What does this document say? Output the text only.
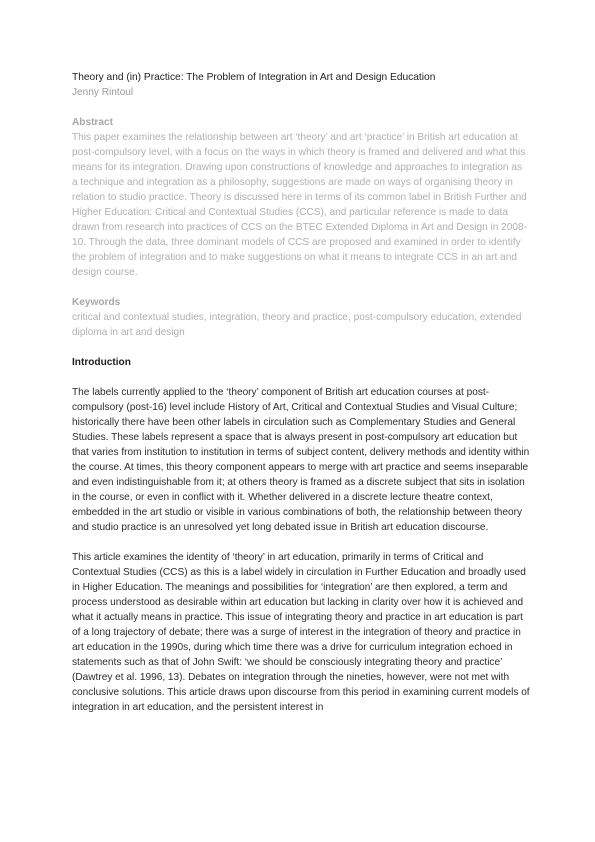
Theory and (in) Practice: The Problem of Integration in Art and Design Education

Jenny Rintoul

Abstract

This paper examines the relationship between art ‘theory’ and art ‘practice’ in British art education at post-compulsory level, with a focus on the ways in which theory is framed and delivered and what this means for its integration. Drawing upon constructions of knowledge and approaches to integration as a technique and integration as a philosophy, suggestions are made on ways of organising theory in relation to studio practice. Theory is discussed here in terms of its common label in British Further and Higher Education: Critical and Contextual Studies (CCS), and particular reference is made to data drawn from research into practices of CCS on the BTEC Extended Diploma in Art and Design in 2008-10. Through the data, three dominant models of CCS are proposed and examined in order to identify the problem of integration and to make suggestions on what it means to integrate CCS in an art and design course.

Keywords

critical and contextual studies, integration, theory and practice, post-compulsory education, extended diploma in art and design

Introduction

The labels currently applied to the ‘theory’ component of British art education courses at post-compulsory (post-16) level include History of Art, Critical and Contextual Studies and Visual Culture; historically there have been other labels in circulation such as Complementary Studies and General Studies. These labels represent a space that is always present in post-compulsory art education but that varies from institution to institution in terms of subject content, delivery methods and identity within the course. At times, this theory component appears to merge with art practice and seems inseparable and even indistinguishable from it; at others theory is framed as a discrete subject that sits in isolation in the course, or even in conflict with it. Whether delivered in a discrete lecture theatre context, embedded in the art studio or visible in various combinations of both, the relationship between theory and studio practice is an unresolved yet long debated issue in British art education discourse.

This article examines the identity of ‘theory’ in art education, primarily in terms of Critical and Contextual Studies (CCS) as this is a label widely in circulation in Further Education and broadly used in Higher Education. The meanings and possibilities for ‘integration’ are then explored, a term and process understood as desirable within art education but lacking in clarity over how it is achieved and what it actually means in practice. This issue of integrating theory and practice in art education is part of a long trajectory of debate; there was a surge of interest in the integration of theory and practice in art education in the 1990s, during which time there was a drive for curriculum integration echoed in statements such as that of John Swift: ‘we should be consciously integrating theory and practice’ (Dawtrey et al. 1996, 13). Debates on integration through the nineties, however, were not met with conclusive solutions. This article draws upon discourse from this period in examining current models of integration in art education, and the persistent interest in
